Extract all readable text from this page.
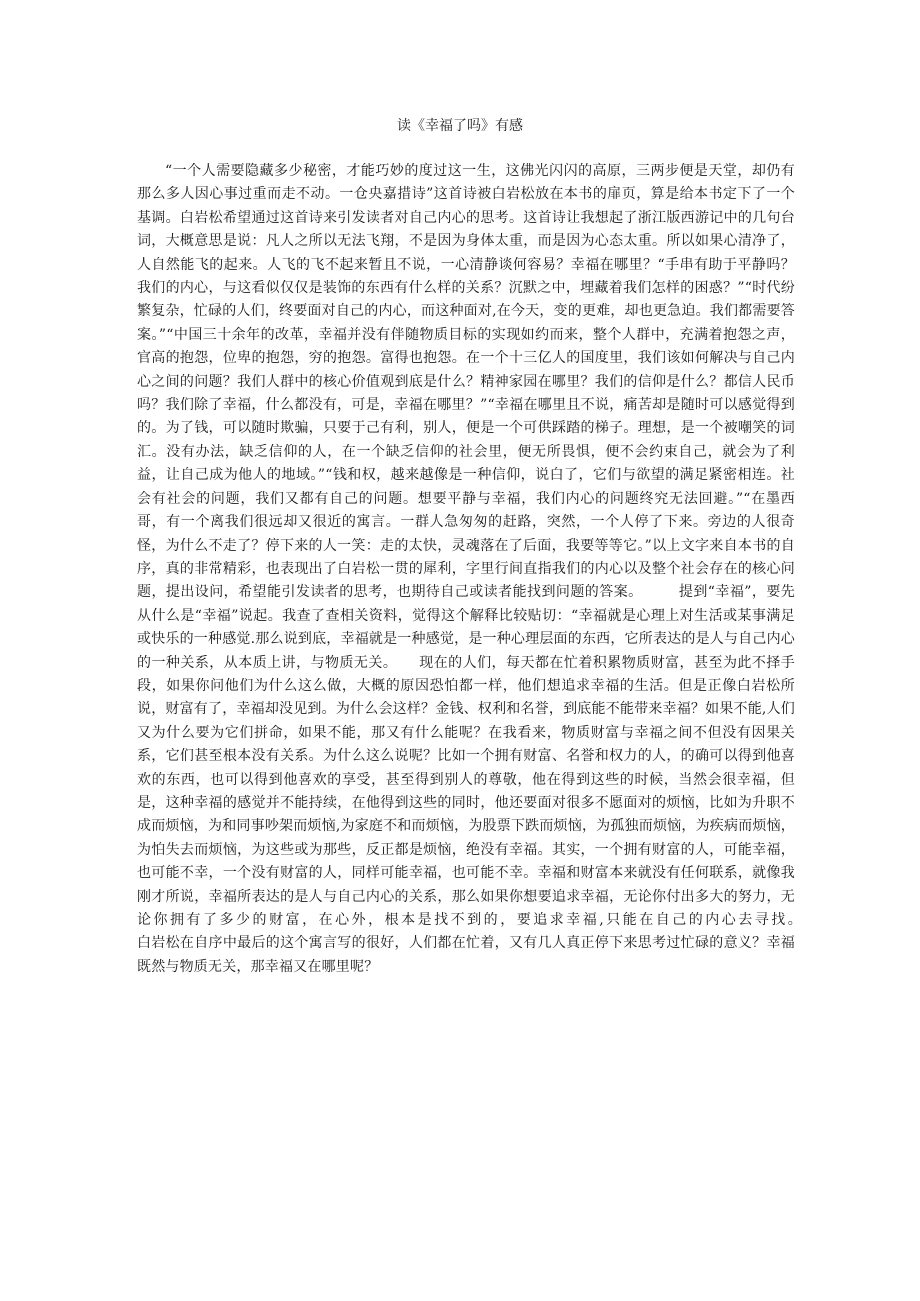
读《幸福了吗》有感

“一个人需要隐藏多少秘密，才能巧妙的度过这一生，这佛光闪闪的高原，三两步便是天堂，却仍有那么多人因心事过重而走不动。一仓央嘉措诗”这首诗被白岩松放在本书的扉页，算是给本书定下了一个基调。白岩松希望通过这首诗来引发读者对自己内心的思考。这首诗让我想起了浙江版西游记中的几句台词，大概意思是说：凡人之所以无法飞翔，不是因为身体太重，而是因为心态太重。所以如果心清净了，人自然能飞的起来。人飞的飞不起来暂且不说，一心清静谈何容易？幸福在哪里？“手串有助于平静吗？我们的内心，与这看似仅仅是装饰的东西有什么样的关系？沉默之中，埋藏着我们怎样的困惑？”“时代纷繁复杂，忙碌的人们，终要面对自己的内心，而这种面对,在今天，变的更难，却也更急迫。我们都需要答案。”“中国三十余年的改革，幸福并没有伴随物质目标的实现如约而来，整个人群中，充满着抱怨之声，官高的抱怨，位卑的抱怨，穷的抱怨。富得也抱怨。在一个十三亿人的国度里，我们该如何解决与自己内心之间的问题？我们人群中的核心价值观到底是什么？精神家园在哪里？我们的信仰是什么？都信人民币吗？我们除了幸福，什么都没有，可是，幸福在哪里？”“幸福在哪里且不说，痛苦却是随时可以感觉得到的。为了钱，可以随时欺骗，只要于己有利，别人，便是一个可供踩踏的梯子。理想，是一个被嘲笑的词汇。没有办法，缺乏信仰的人，在一个缺乏信仰的社会里，便无所畏惧，便不会约束自己，就会为了利益，让自己成为他人的地域。”“钱和权，越来越像是一种信仰，说白了，它们与欲望的满足紧密相连。社会有社会的问题，我们又都有自己的问题。想要平静与幸福，我们内心的问题终究无法回避。”“在墨西哥，有一个离我们很远却又很近的寓言。一群人急匆匆的赶路，突然，一个人停了下来。旁边的人很奇怪，为什么不走了？停下来的人一笑：走的太快，灵魂落在了后面，我要等等它。”以上文字来自本书的自序，真的非常精彩，也表现出了白岩松一贯的犀利，字里行间直指我们的内心以及整个社会存在的核心问题，提出设问，希望能引发读者的思考，也期待自己或读者能找到问题的答案。　　　提到“幸福”，要先从什么是“幸福”说起。我查了查相关资料，觉得这个解释比较贴切：“幸福就是心理上对生活或某事满足或快乐的一种感觉.那么说到底，幸福就是一种感觉，是一种心理层面的东西，它所表达的是人与自己内心的一种关系，从本质上讲，与物质无关。　　现在的人们，每天都在忙着积累物质财富，甚至为此不择手段，如果你问他们为什么这么做，大概的原因恐怕都一样，他们想追求幸福的生活。但是正像白岩松所说，财富有了，幸福却没见到。为什么会这样？金钱、权利和名誉，到底能不能带来幸福？如果不能,人们又为什么要为它们拼命，如果不能，那又有什么能呢？在我看来，物质财富与幸福之间不但没有因果关系，它们甚至根本没有关系。为什么这么说呢？比如一个拥有财富、名誉和权力的人，的确可以得到他喜欢的东西，也可以得到他喜欢的享受，甚至得到别人的尊敬，他在得到这些的时候，当然会很幸福，但是，这种幸福的感觉并不能持续，在他得到这些的同时，他还要面对很多不愿面对的烦恼，比如为升职不成而烦恼，为和同事吵架而烦恼,为家庭不和而烦恼，为股票下跌而烦恼，为孤独而烦恼，为疾病而烦恼，为怕失去而烦恼，为这些或为那些，反正都是烦恼，绝没有幸福。其实，一个拥有财富的人，可能幸福，也可能不幸，一个没有财富的人，同样可能幸福，也可能不幸。幸福和财富本来就没有任何联系，就像我刚才所说，幸福所表达的是人与自己内心的关系，那么如果你想要追求幸福，无论你付出多大的努力，无论你拥有了多少的财富，在心外，根本是找不到的，要追求幸福,只能在自己的内心去寻找。　　　　　　　　白岩松在自序中最后的这个寓言写的很好，人们都在忙着，又有几人真正停下来思考过忙碌的意义？幸福既然与物质无关，那幸福又在哪里呢？
